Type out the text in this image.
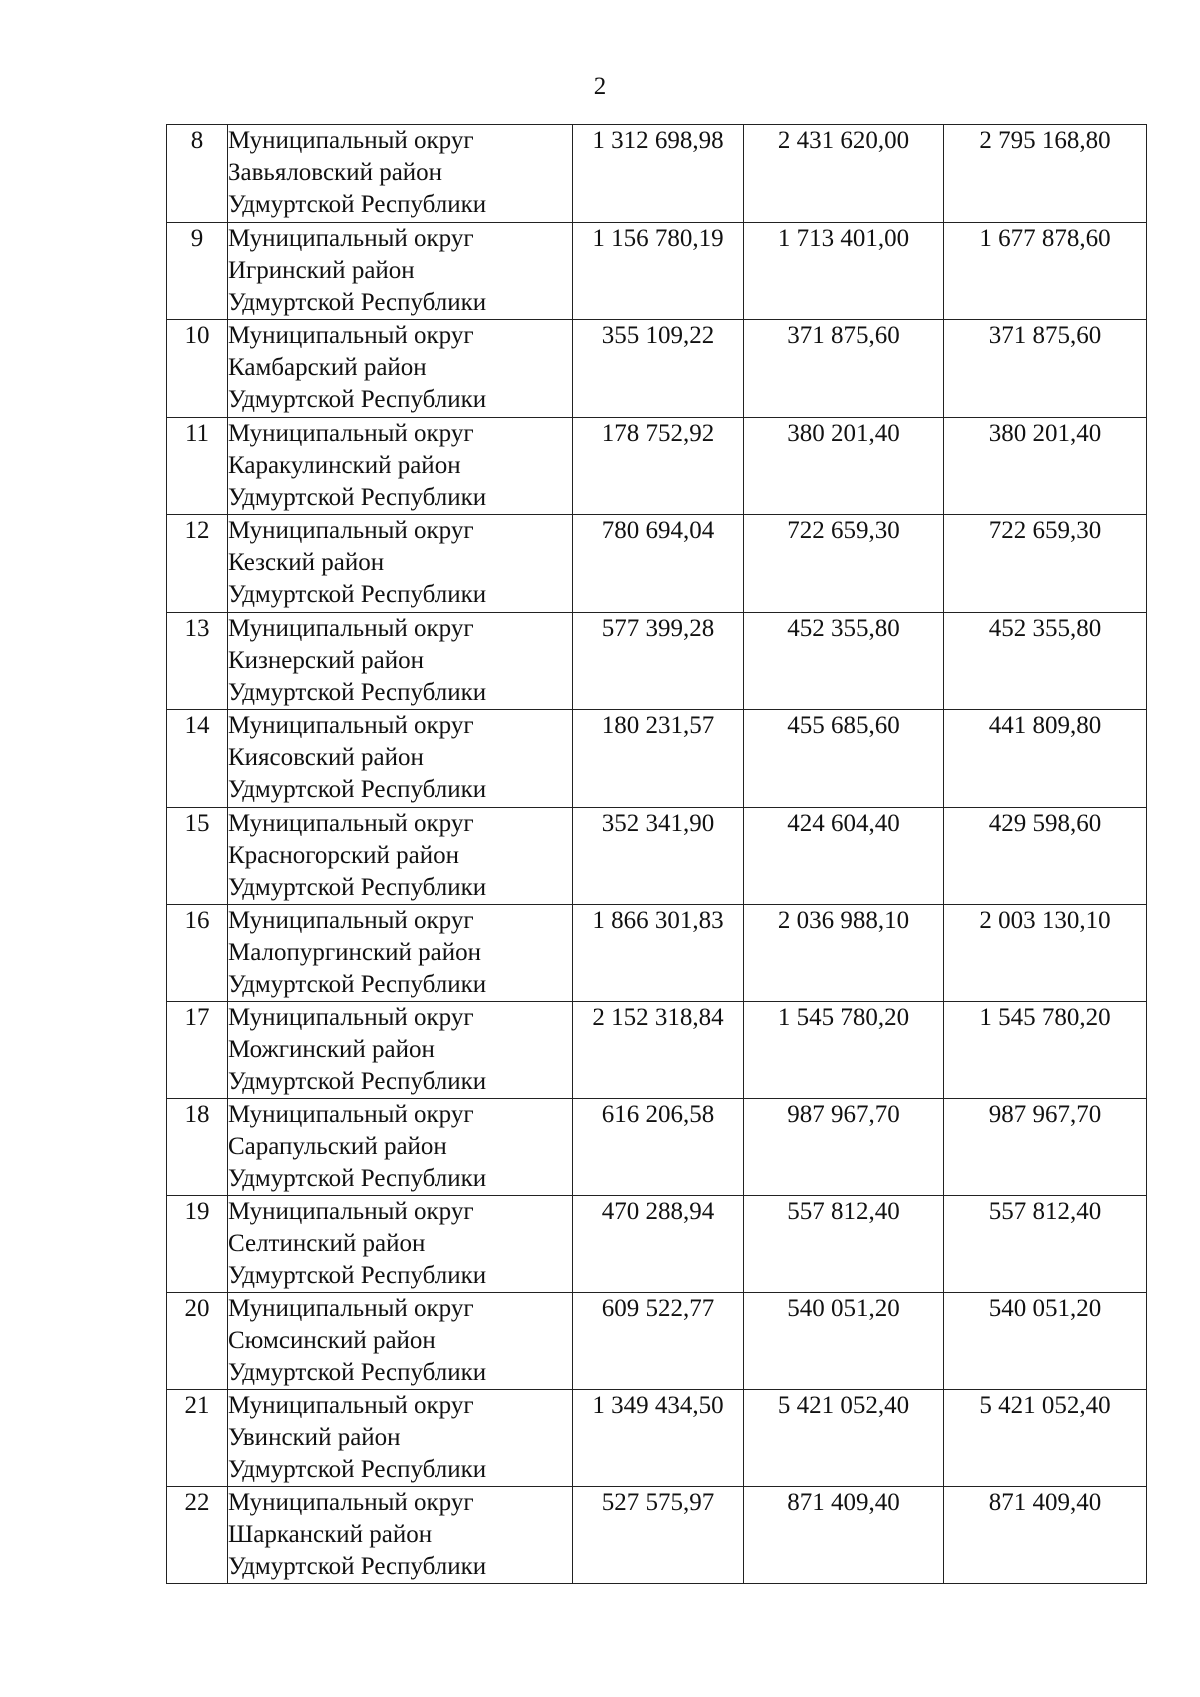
2
8	Муниципальный округ
Завьяловский район
Удмуртской Республики	1 312 698,98	2 431 620,00	2 795 168,80
9	Муниципальный округ
Игринский район
Удмуртской Республики	1 156 780,19	1 713 401,00	1 677 878,60
10	Муниципальный округ
Камбарский район
Удмуртской Республики	355 109,22	371 875,60	371 875,60
11	Муниципальный округ
Каракулинский район
Удмуртской Республики	178 752,92	380 201,40	380 201,40
12	Муниципальный округ
Кезский район
Удмуртской Республики	780 694,04	722 659,30	722 659,30
13	Муниципальный округ
Кизнерский район
Удмуртской Республики	577 399,28	452 355,80	452 355,80
14	Муниципальный округ
Киясовский район
Удмуртской Республики	180 231,57	455 685,60	441 809,80
15	Муниципальный округ
Красногорский район
Удмуртской Республики	352 341,90	424 604,40	429 598,60
16	Муниципальный округ
Малопургинский район
Удмуртской Республики	1 866 301,83	2 036 988,10	2 003 130,10
17	Муниципальный округ
Можгинский район
Удмуртской Республики	2 152 318,84	1 545 780,20	1 545 780,20
18	Муниципальный округ
Сарапульский район
Удмуртской Республики	616 206,58	987 967,70	987 967,70
19	Муниципальный округ
Селтинский район
Удмуртской Республики	470 288,94	557 812,40	557 812,40
20	Муниципальный округ
Сюмсинский район
Удмуртской Республики	609 522,77	540 051,20	540 051,20
21	Муниципальный округ
Увинский район
Удмуртской Республики	1 349 434,50	5 421 052,40	5 421 052,40
22	Муниципальный округ
Шарканский район
Удмуртской Республики	527 575,97	871 409,40	871 409,40
